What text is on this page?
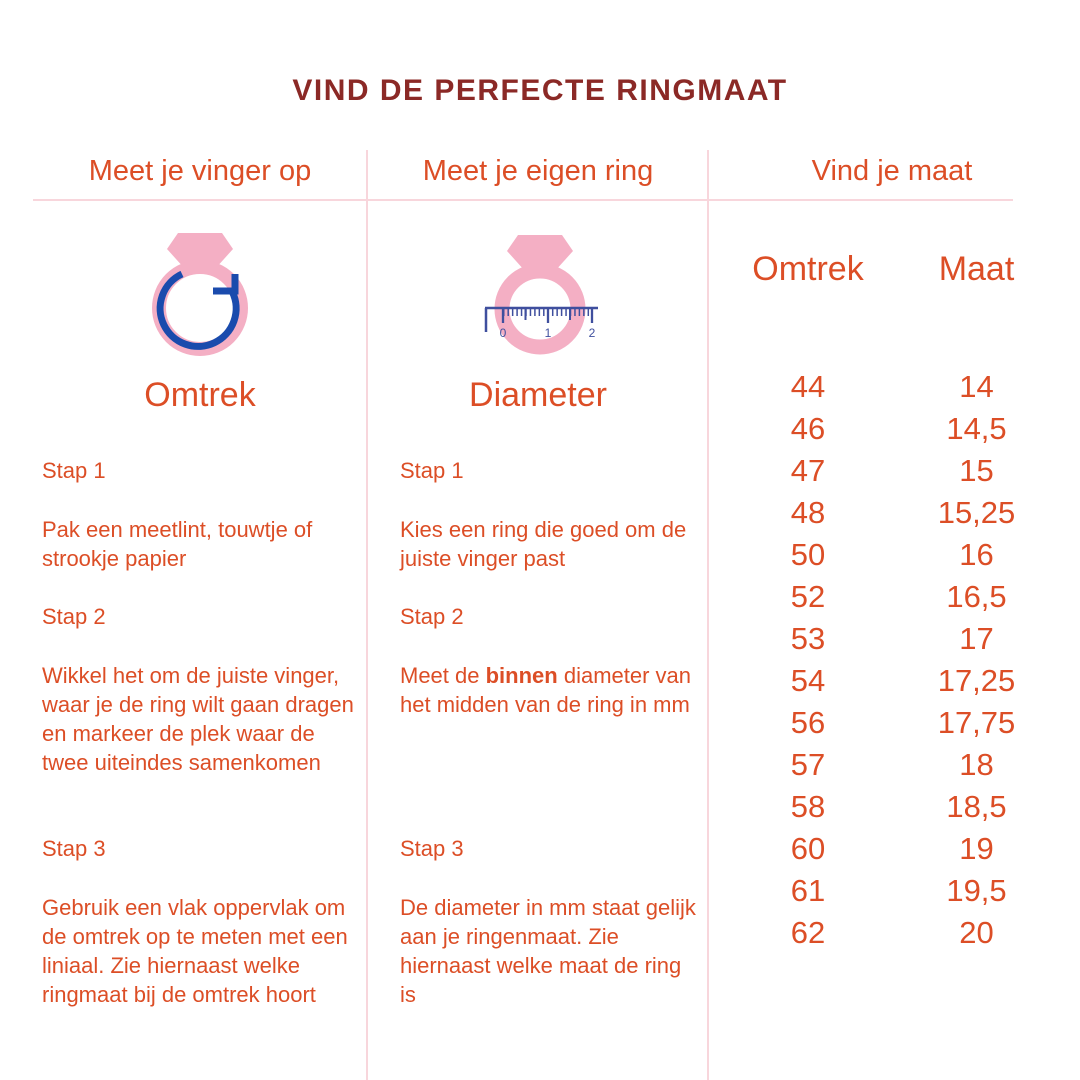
VIND DE PERFECTE RINGMAAT
Meet je vinger op	Meet je eigen ring	Vind je maat
0	1	2
Omtrek	Diameter
Stap 1
Pak een meetlint, touwtje of strookje papier
Stap 2
Wikkel het om de juiste vinger, waar je de ring wilt gaan dragen en markeer de plek waar de twee uiteindes samenkomen
Stap 3
Gebruik een vlak oppervlak om de omtrek op te meten met een liniaal. Zie hiernaast welke ringmaat bij de omtrek hoort
Stap 1
Kies een ring die goed om de juiste vinger past
Stap 2
Meet de binnen diameter van het midden van de ring in mm
Stap 3
De diameter in mm staat gelijk aan je ringenmaat. Zie hiernaast welke maat de ring is
Omtrek	Maat
44	14
46	14,5
47	15
48	15,25
50	16
52	16,5
53	17
54	17,25
56	17,75
57	18
58	18,5
60	19
61	19,5
62	20
